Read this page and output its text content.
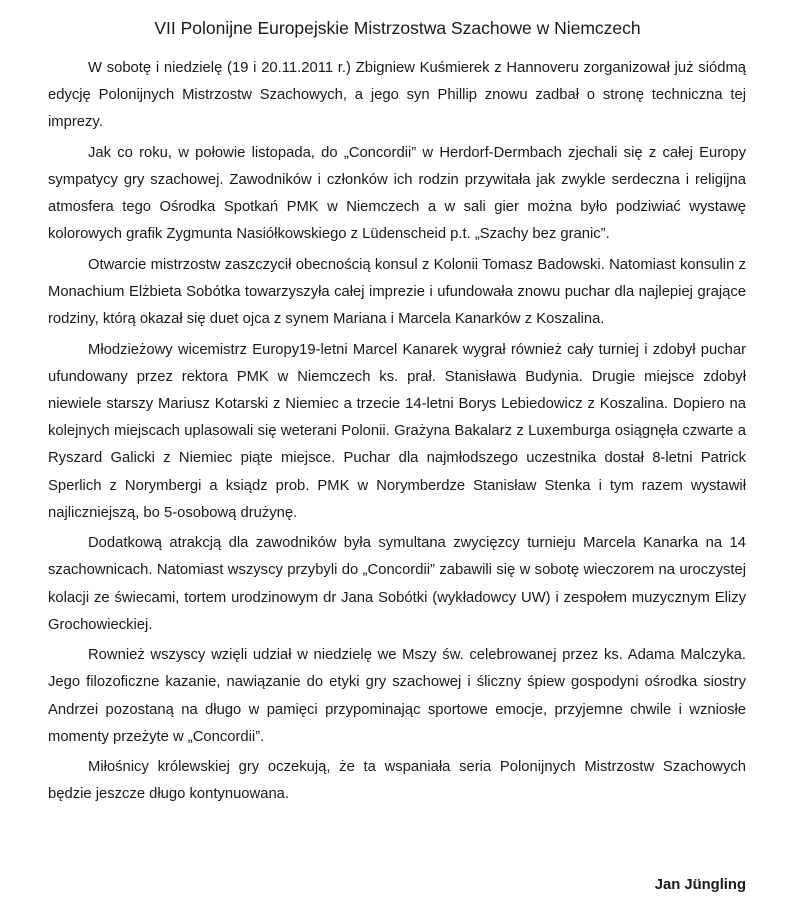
VII Polonijne Europejskie Mistrzostwa Szachowe w Niemczech

W sobotę i niedzielę (19 i 20.11.2011 r.) Zbigniew Kuśmierek z Hannoveru zorganizował już siódmą edycję Polonijnych Mistrzostw Szachowych, a jego syn Phillip znowu zadbał o stronę techniczna tej imprezy.

Jak co roku, w połowie listopada, do „Concordii” w Herdorf-Dermbach zjechali się z całej Europy sympatycy gry szachowej. Zawodników i członków ich rodzin przywitała jak zwykle serdeczna i religijna atmosfera tego Ośrodka Spotkań PMK w Niemczech a w sali gier można było podziwiać wystawę kolorowych grafik Zygmunta Nasiółkowskiego z Lüdenscheid p.t. „Szachy bez granic”.

Otwarcie mistrzostw zaszczycił obecnością konsul z Kolonii Tomasz Badowski. Natomiast konsulin z Monachium Elżbieta Sobótka towarzyszyła całej imprezie i ufundowała znowu puchar dla najlepiej grające rodziny, którą okazał się duet ojca z synem Mariana i Marcela Kanarków z Koszalina.

Młodzieżowy wicemistrz Europy19-letni Marcel Kanarek wygrał również cały turniej i zdobył puchar ufundowany przez rektora PMK w Niemczech ks. prał. Stanisława Budynia. Drugie miejsce zdobył niewiele starszy Mariusz Kotarski z Niemiec a trzecie 14-letni Borys Lebiedowicz z Koszalina. Dopiero na kolejnych miejscach uplasowali się weterani Polonii. Grażyna Bakalarz z Luxemburga osiągnęła czwarte a Ryszard Galicki z Niemiec piąte miejsce. Puchar dla najmłodszego uczestnika dostał 8-letni Patrick Sperlich z Norymbergi a ksiądz prob. PMK w Norymberdze Stanisław Stenka i tym razem wystawił najliczniejszą, bo 5-osobową drużynę.

Dodatkową atrakcją dla zawodników była symultana zwycięzcy turnieju Marcela Kanarka na 14 szachownicach. Natomiast wszyscy przybyli do „Concordii” zabawili się w sobotę wieczorem na uroczystej kolacji ze świecami, tortem urodzinowym dr Jana Sobótki (wykładowcy UW) i zespołem muzycznym Elizy Grochowieckiej.

Rownież wszyscy wzięli udział w niedzielę we Mszy św. celebrowanej przez ks. Adama Malczyka. Jego filozoficzne kazanie, nawiązanie do etyki gry szachowej i śliczny śpiew gospodyni ośrodka siostry Andrzei pozostaną na długo w pamięci przypominając sportowe emocje, przyjemne chwile i wzniosłe momenty przeżyte w „Concordii”.

Miłośnicy królewskiej gry oczekują, że ta wspaniała seria Polonijnych Mistrzostw Szachowych będzie jeszcze długo kontynuowana.

Jan Jüngling
